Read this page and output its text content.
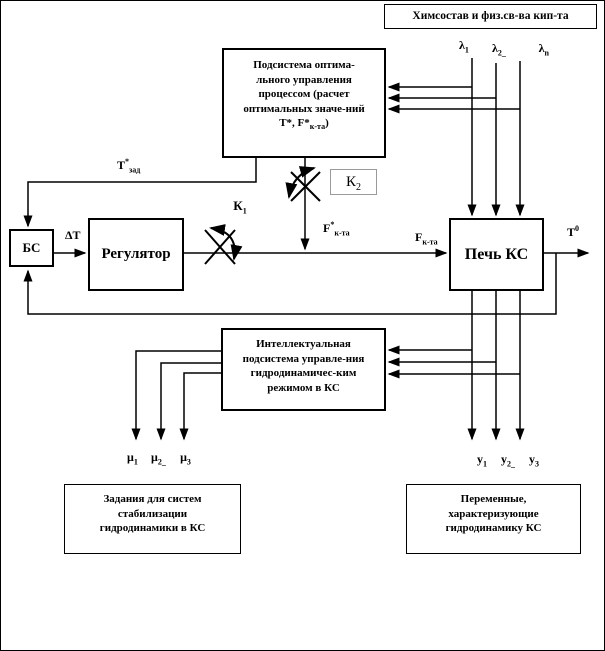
Химсостав и физ.св-ва кип-та
Подсистема оптима-
льного управления
процессом (расчет
оптимальных значе-ний
Т*, $F*_{к-та}$)
БС	Регулятор	Печь КС
Интеллектуальная
подсистема управле-ния
гидродинамичес-ким
режимом в КС
Задания для систем
стабилизации
гидродинамики в КС
Переменные,
характеризующие
гидродинамику КС
$\lambda_1$ $\lambda_{2\_}$	$\lambda_n$
$Т^*_{зад}$
$К_1$
$К_2$
ΔТ	$F^*_{к-та}$	$F_{к-та}$
$Т^0$
$\mu_1$ $\mu_{2\_}$ $\mu_3$	$у_1$ $у_{2\_}$ $у_3$
